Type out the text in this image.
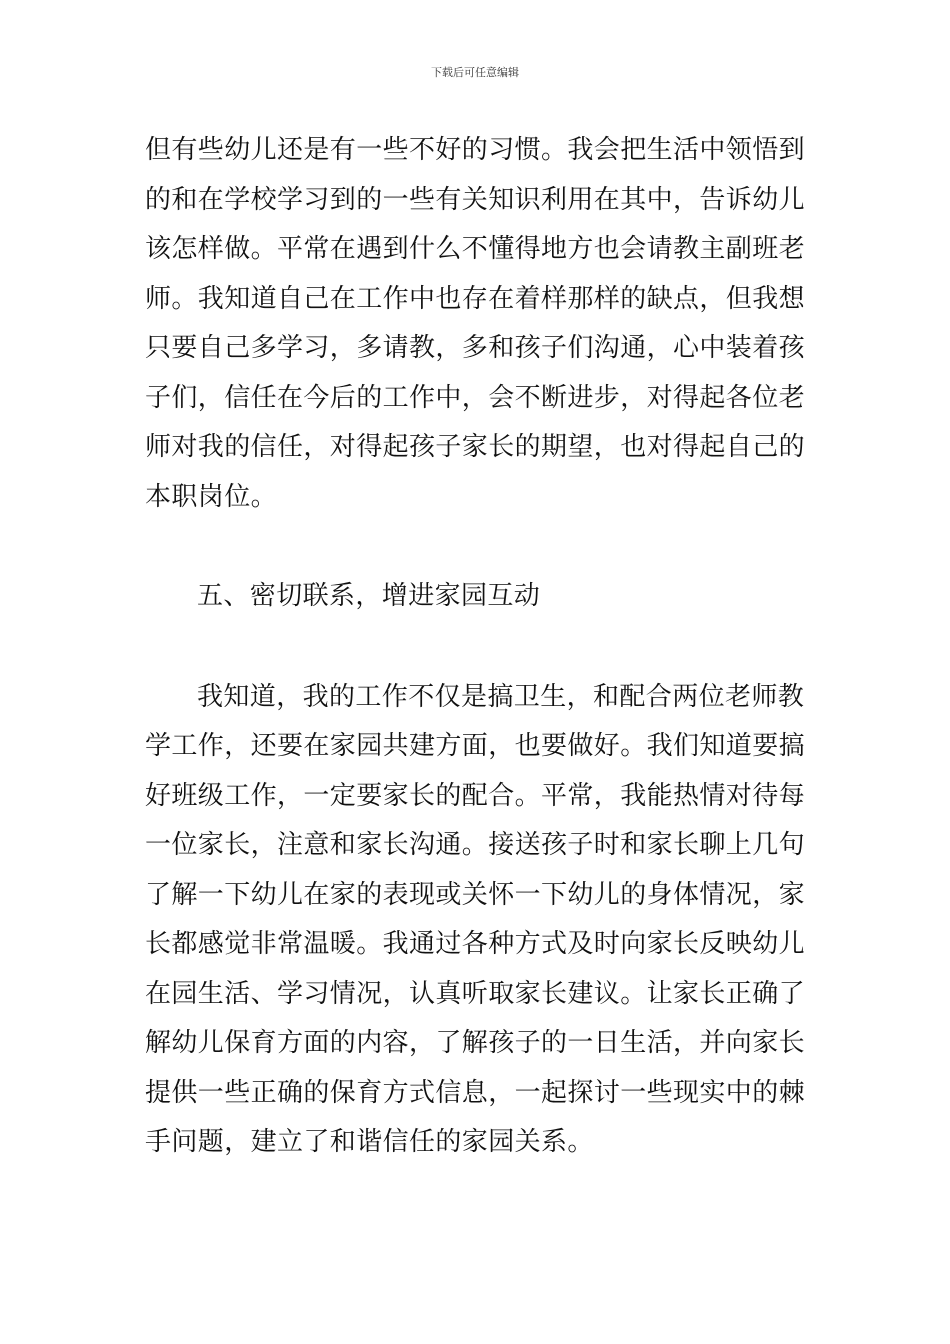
下载后可任意编辑
但有些幼儿还是有一些不好的习惯。我会把生活中领悟到
的和在学校学习到的一些有关知识利用在其中，告诉幼儿
该怎样做。平常在遇到什么不懂得地方也会请教主副班老
师。我知道自己在工作中也存在着样那样的缺点，但我想
只要自己多学习，多请教，多和孩子们沟通，心中装着孩
子们，信任在今后的工作中，会不断进步，对得起各位老
师对我的信任，对得起孩子家长的期望，也对得起自己的
本职岗位。
五、密切联系，增进家园互动
我知道，我的工作不仅是搞卫生，和配合两位老师教
学工作，还要在家园共建方面，也要做好。我们知道要搞
好班级工作，一定要家长的配合。平常，我能热情对待每
一位家长，注意和家长沟通。接送孩子时和家长聊上几句
了解一下幼儿在家的表现或关怀一下幼儿的身体情况，家
长都感觉非常温暖。我通过各种方式及时向家长反映幼儿
在园生活、学习情况，认真听取家长建议。让家长正确了
解幼儿保育方面的内容，了解孩子的一日生活，并向家长
提供一些正确的保育方式信息，一起探讨一些现实中的棘
手问题，建立了和谐信任的家园关系。
